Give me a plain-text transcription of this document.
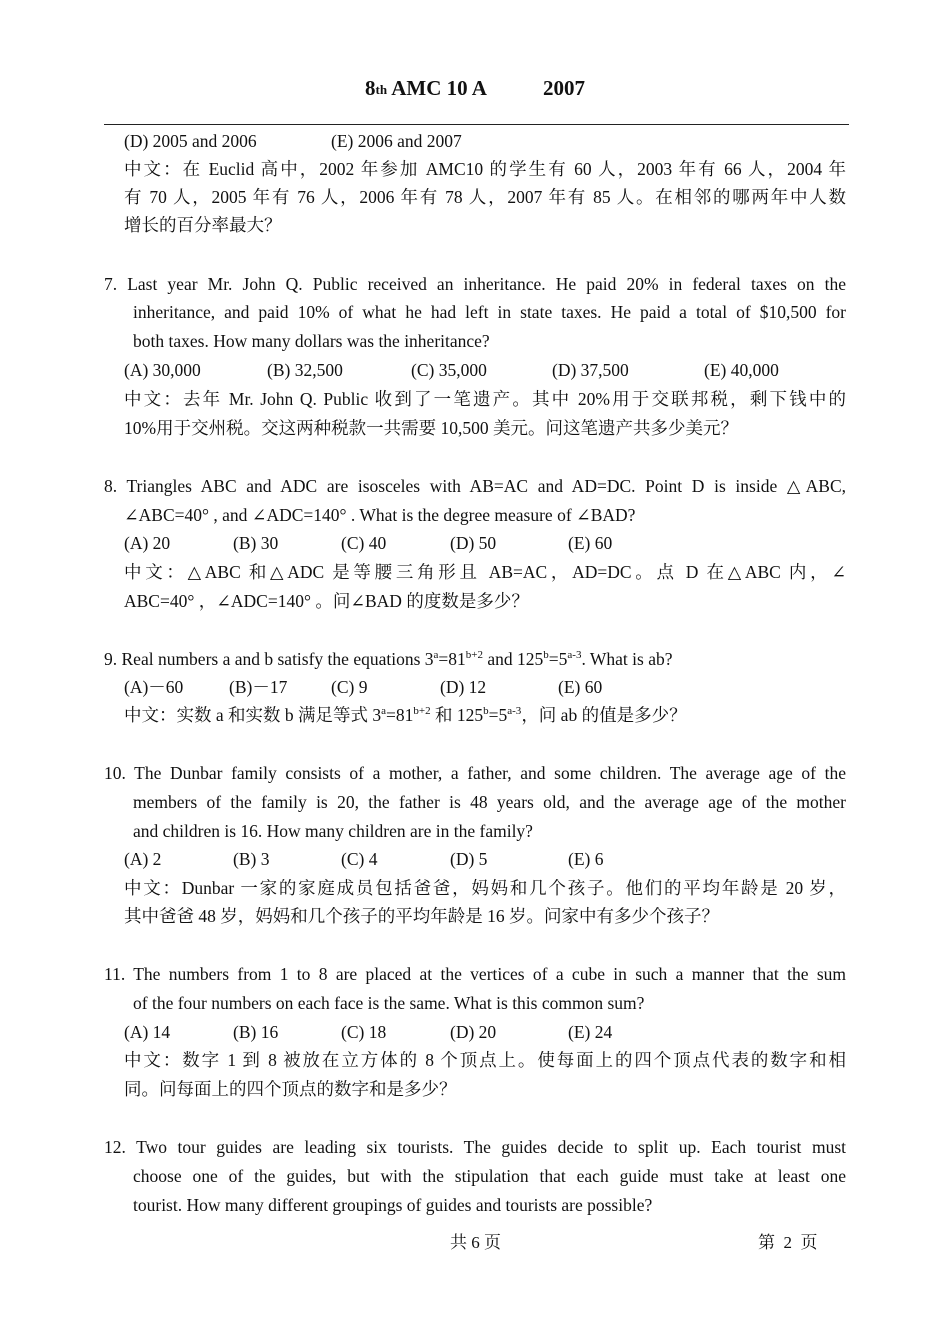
8th AMC 10 A	2007
(D) 2005 and 2006	(E) 2006 and 2007
中文：在 Euclid 高中，2002 年参加 AMC10 的学生有 60 人，2003 年有 66 人，2004 年
有 70 人，2005 年有 76 人，2006 年有 78 人，2007 年有 85 人。在相邻的哪两年中人数
增长的百分率最大？
7. Last year Mr. John Q. Public received an inheritance. He paid 20% in federal taxes on the
inheritance, and paid 10% of what he had left in state taxes. He paid a total of $10,500 for
both taxes. How many dollars was the inheritance?
(A) 30,000	(B) 32,500	(C) 35,000	(D) 37,500	(E) 40,000
中文：去年 Mr. John Q. Public 收到了一笔遗产。其中 20%用于交联邦税，剩下钱中的
10%用于交州税。交这两种税款一共需要 10,500 美元。问这笔遗产共多少美元？
8. Triangles ABC and ADC are isosceles with AB=AC and AD=DC. Point D is inside △ABC,
∠ABC=40° , and ∠ADC=140° . What is the degree measure of ∠BAD?
(A) 20	(B) 30	(C) 40	(D) 50	(E) 60
中文：△ABC 和△ADC 是等腰三角形且 AB=AC，AD=DC。点 D 在△ABC 内，∠
ABC=40° ，∠ADC=140° 。问∠BAD 的度数是多少？
9. Real numbers a and b satisfy the equations $3^a=81^{b+2}$ and $125^b=5^{a-3}$. What is ab?
(A)－60	(B)－17 (C) 9	(D) 12	(E) 60
中文：实数 a 和实数 b 满足等式 $3^a=81^{b+2}$ 和 $125^b=5^{a-3}$，问 ab 的值是多少？
10. The Dunbar family consists of a mother, a father, and some children. The average age of the
members of the family is 20, the father is 48 years old, and the average age of the mother
and children is 16. How many children are in the family?
(A) 2	(B) 3	(C) 4	(D) 5	(E) 6
中文：Dunbar 一家的家庭成员包括爸爸，妈妈和几个孩子。他们的平均年龄是 20 岁，
其中爸爸 48 岁，妈妈和几个孩子的平均年龄是 16 岁。问家中有多少个孩子？
11. The numbers from 1 to 8 are placed at the vertices of a cube in such a manner that the sum
of the four numbers on each face is the same. What is this common sum?
(A) 14	(B) 16	(C) 18	(D) 20	(E) 24
中文：数字 1 到 8 被放在立方体的 8 个顶点上。使每面上的四个顶点代表的数字和相
同。问每面上的四个顶点的数字和是多少？
12. Two tour guides are leading six tourists. The guides decide to split up. Each tourist must
choose one of the guides, but with the stipulation that each guide must take at least one
tourist. How many different groupings of guides and tourists are possible?
共 6 页	第  2  页
